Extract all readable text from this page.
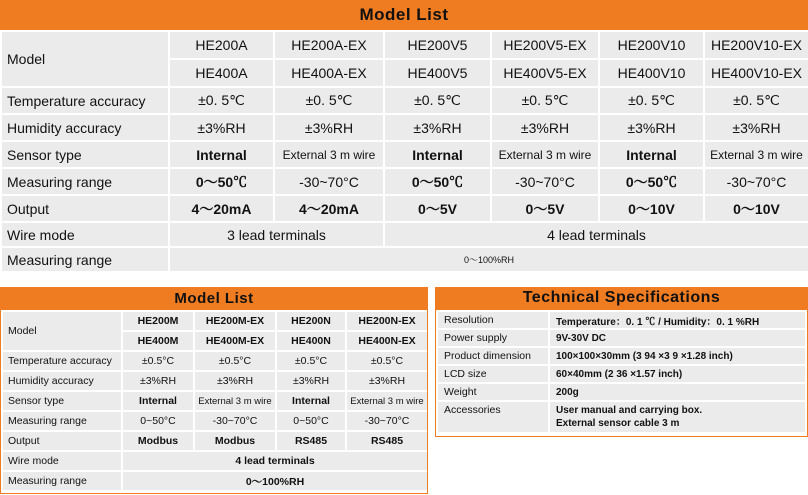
Model List
Model	HE200A	HE200A-EX	HE200V5	HE200V5-EX	HE200V10	HE200V10-EX
	HE400A	HE400A-EX	HE400V5	HE400V5-EX	HE400V10	HE400V10-EX
Temperature accuracy	±0. 5℃	±0. 5℃	±0. 5℃	±0. 5℃	±0. 5℃	±0. 5℃
Humidity accuracy	±3%RH	±3%RH	±3%RH	±3%RH	±3%RH	±3%RH
Sensor type	Internal	External 3 m wire	Internal	External 3 m wire	Internal	External 3 m wire
Measuring range	0～50℃	-30~70°C	0～50℃	-30~70°C	0～50℃	-30~70°C
Output	4～20mA	4～20mA	0～5V	0～5V	0～10V	0～10V
Wire mode	3 lead terminals		4 lead terminals			
Measuring range	0～100%RH					
Model List
Model	HE200M	HE200M-EX	HE200N	HE200N-EX
	HE400M	HE400M-EX	HE400N	HE400N-EX
Temperature accuracy	±0.5°C	±0.5°C	±0.5°C	±0.5°C
Humidity accuracy	±3%RH	±3%RH	±3%RH	±3%RH
Sensor type	Internal	External 3 m wire	Internal	External 3 m wire
Measuring range	0~50°C	-30~70°C	0~50°C	-30~70°C
Output	Modbus	Modbus	RS485	RS485
Wire mode	4 lead terminals			
Measuring range	0～100%RH			
Technical Specifications
Resolution	Temperature：0. 1 ℃ / Humidity：0. 1 %RH
Power supply	9V-30V DC
Product dimension	100×100×30mm (3 94 ×3 9 ×1.28 inch)
LCD size	60×40mm (2 36 ×1.57 inch)
Weight	200g
Accessories	User manual and carrying box.
External sensor cable 3 m
